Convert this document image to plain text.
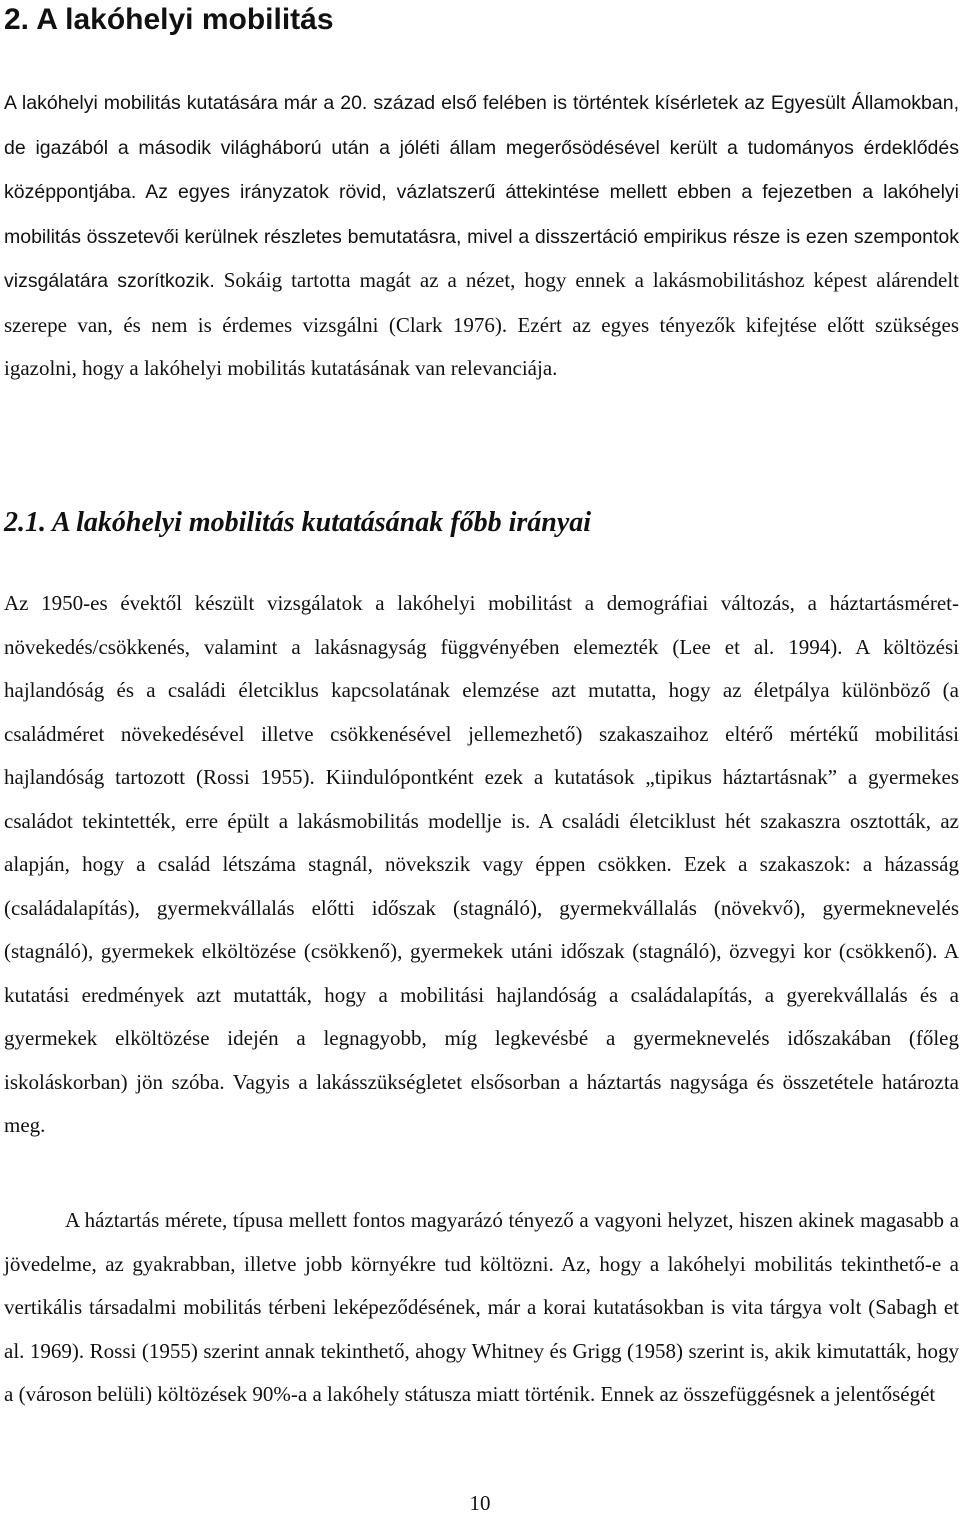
2. A lakóhelyi mobilitás

A lakóhelyi mobilitás kutatására már a 20. század első felében is történtek kísérletek az Egyesült Államokban, de igazából a második világháború után a jóléti állam megerősödésével került a tudományos érdeklődés középpontjába. Az egyes irányzatok rövid, vázlatszerű áttekintése mellett ebben a fejezetben a lakóhelyi mobilitás összetevői kerülnek részletes bemutatásra, mivel a disszertáció empirikus része is ezen szempontok vizsgálatára szorítkozik. Sokáig tartotta magát az a nézet, hogy ennek a lakásmobilitáshoz képest alárendelt szerepe van, és nem is érdemes vizsgálni (Clark 1976). Ezért az egyes tényezők kifejtése előtt szükséges igazolni, hogy a lakóhelyi mobilitás kutatásának van relevanciája.

2.1. A lakóhelyi mobilitás kutatásának főbb irányai

Az 1950-es évektől készült vizsgálatok a lakóhelyi mobilitást a demográfiai változás, a háztartásméret-növekedés/csökkenés, valamint a lakásnagyság függvényében elemezték (Lee et al. 1994). A költözési hajlandóság és a családi életciklus kapcsolatának elemzése azt mutatta, hogy az életpálya különböző (a családméret növekedésével illetve csökkenésével jellemezhető) szakaszaihoz eltérő mértékű mobilitási hajlandóság tartozott (Rossi 1955). Kiindulópontként ezek a kutatások „tipikus háztartásnak” a gyermekes családot tekintették, erre épült a lakásmobilitás modellje is. A családi életciklust hét szakaszra osztották, az alapján, hogy a család létszáma stagnál, növekszik vagy éppen csökken. Ezek a szakaszok: a házasság (családalapítás), gyermekvállalás előtti időszak (stagnáló), gyermekvállalás (növekvő), gyermeknevelés (stagnáló), gyermekek elköltözése (csökkenő), gyermekek utáni időszak (stagnáló), özvegyi kor (csökkenő). A kutatási eredmények azt mutatták, hogy a mobilitási hajlandóság a családalapítás, a gyerekvállalás és a gyermekek elköltözése idején a legnagyobb, míg legkevésbé a gyermeknevelés időszakában (főleg iskoláskorban) jön szóba. Vagyis a lakásszükségletet elsősorban a háztartás nagysága és összetétele határozta meg.

A háztartás mérete, típusa mellett fontos magyarázó tényező a vagyoni helyzet, hiszen akinek magasabb a jövedelme, az gyakrabban, illetve jobb környékre tud költözni. Az, hogy a lakóhelyi mobilitás tekinthető-e a vertikális társadalmi mobilitás térbeni leképeződésének, már a korai kutatásokban is vita tárgya volt (Sabagh et al. 1969). Rossi (1955) szerint annak tekinthető, ahogy Whitney és Grigg (1958) szerint is, akik kimutatták, hogy a (városon belüli) költözések 90%-a a lakóhely státusza miatt történik. Ennek az összefüggésnek a jelentőségét

10
